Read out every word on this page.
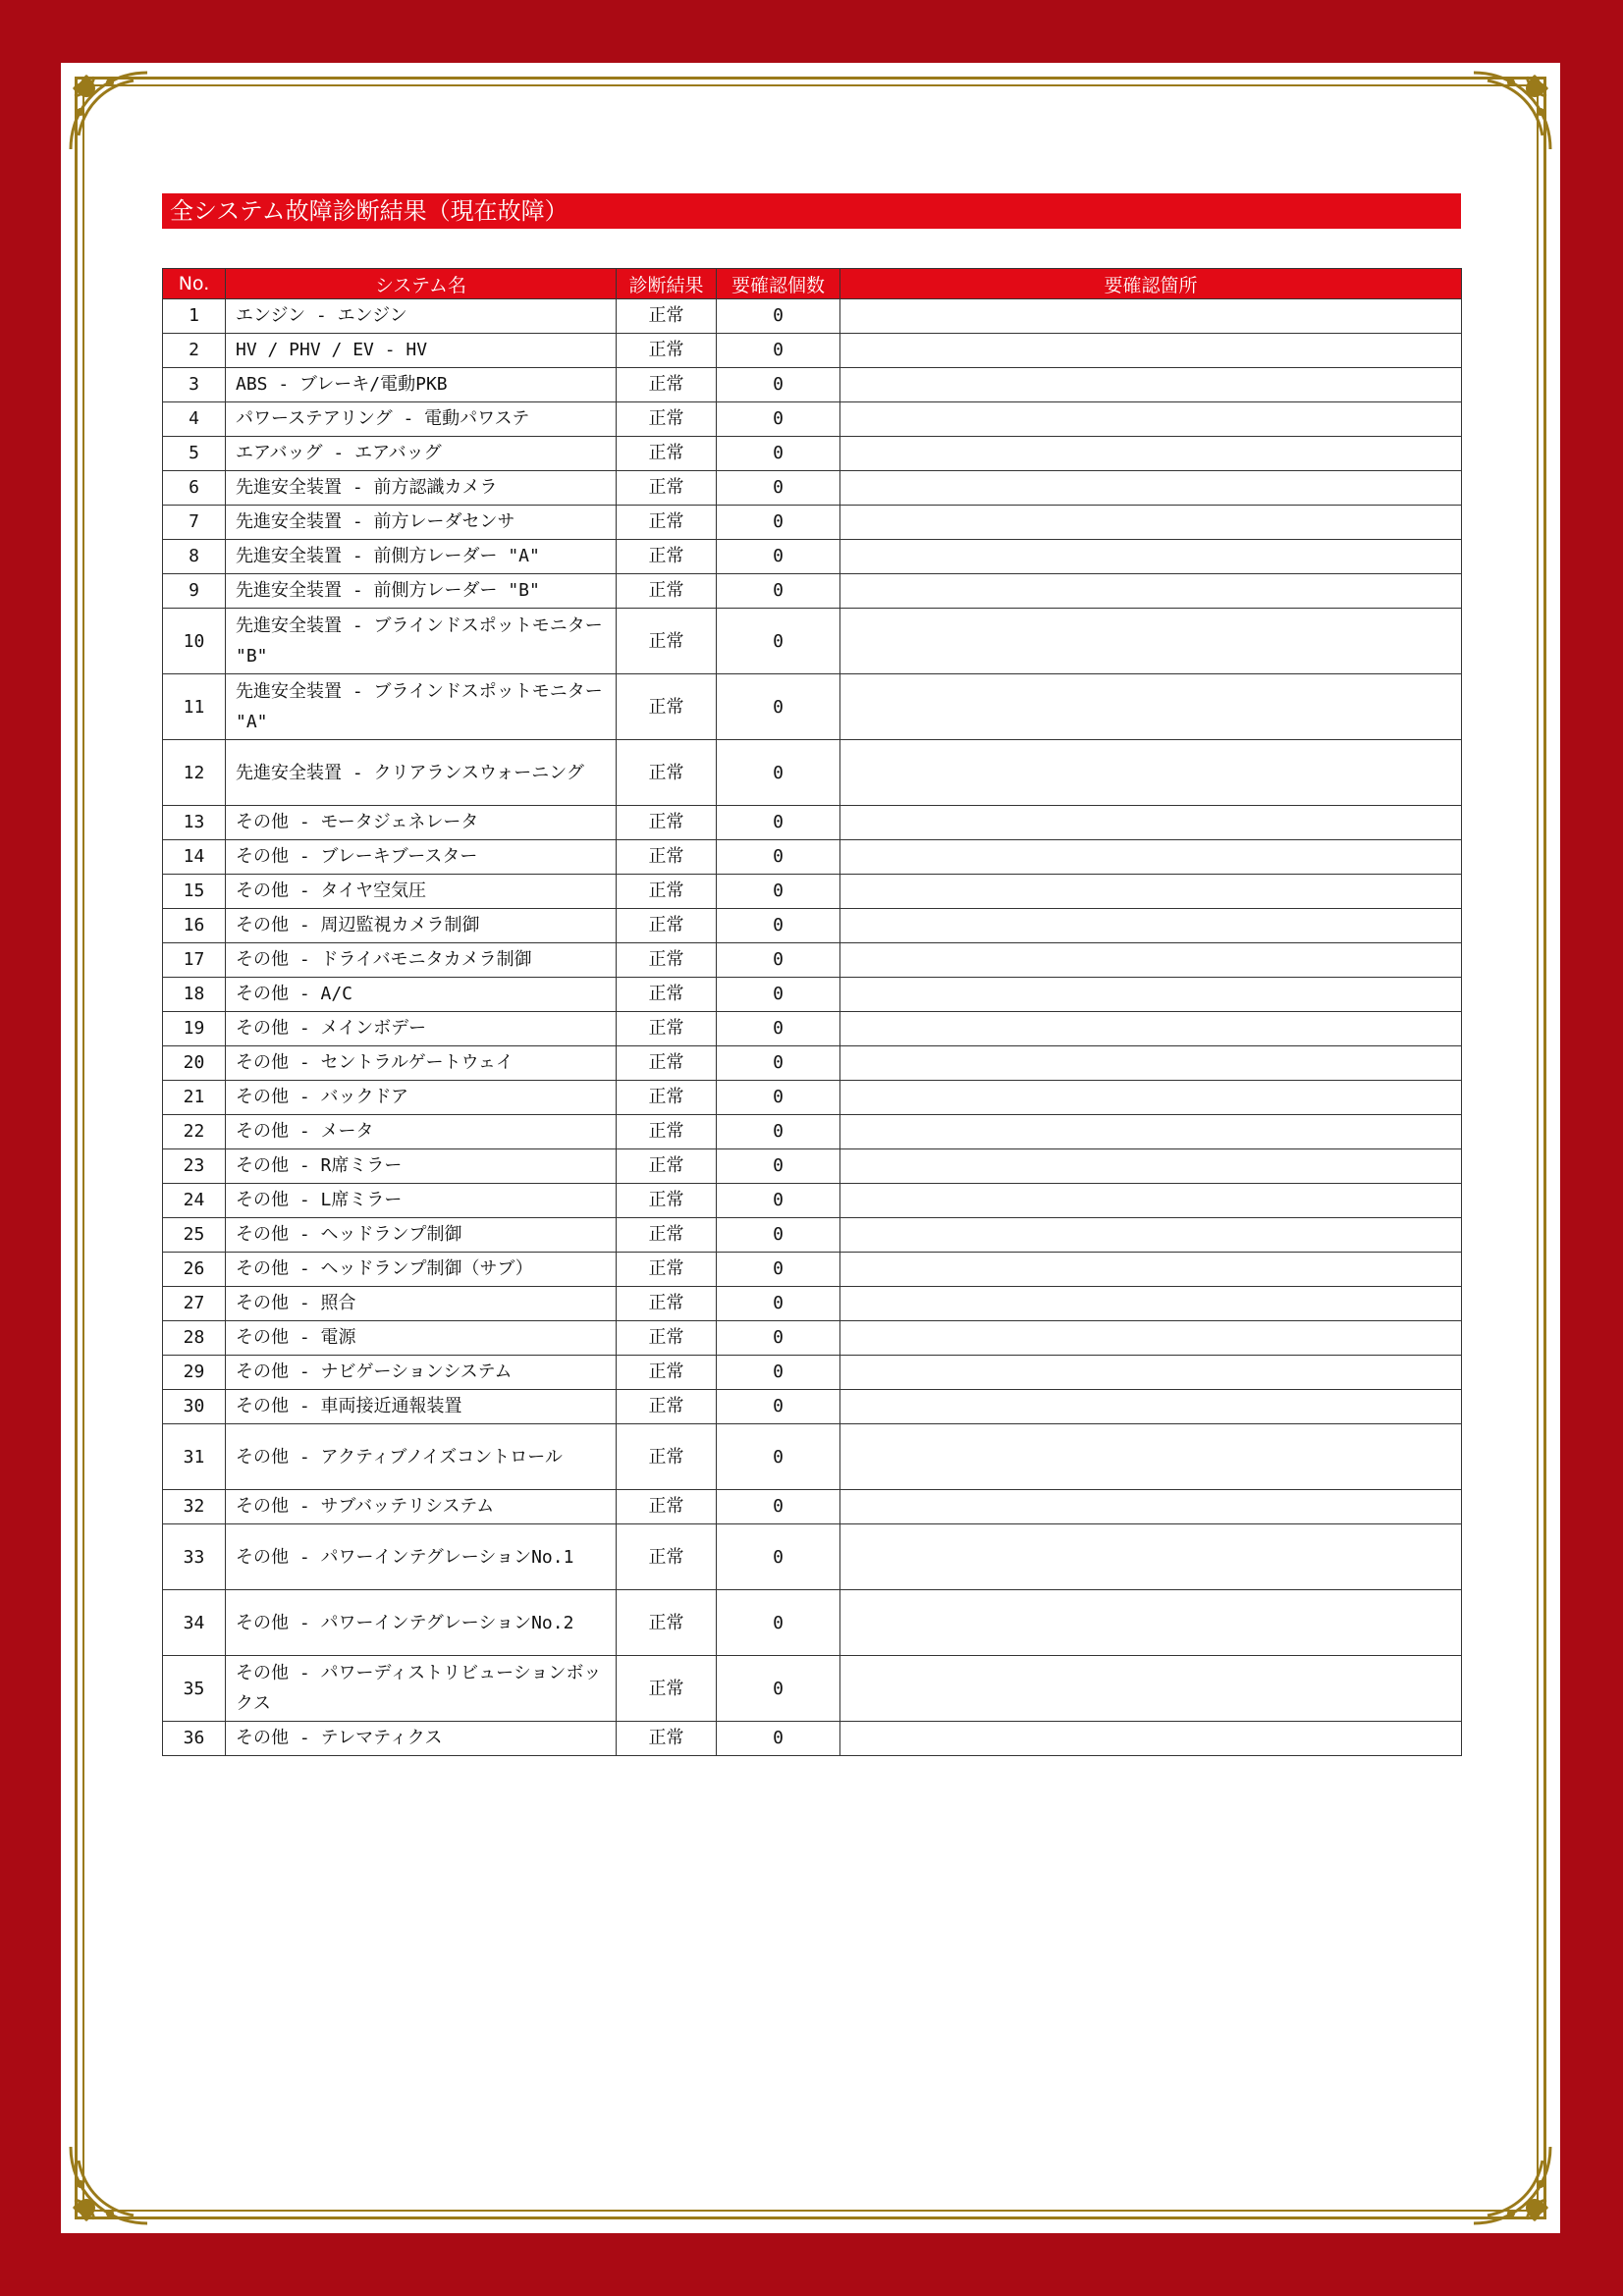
全システム故障診断結果（現在故障）
No.	システム名	診断結果	要確認個数	要確認箇所
1	エンジン - エンジン	正常	0	
2	HV / PHV / EV - HV	正常	0	
3	ABS - ブレーキ/電動PKB	正常	0	
4	パワーステアリング - 電動パワステ	正常	0	
5	エアバッグ - エアバッグ	正常	0	
6	先進安全装置 - 前方認識カメラ	正常	0	
7	先進安全装置 - 前方レーダセンサ	正常	0	
8	先進安全装置 - 前側方レーダー "A"	正常	0	
9	先進安全装置 - 前側方レーダー "B"	正常	0	
10	先進安全装置 - ブラインドスポットモニター "B"	正常	0	
11	先進安全装置 - ブラインドスポットモニター "A"	正常	0	
12	先進安全装置 - クリアランスウォーニング	正常	0	
13	その他 - モータジェネレータ	正常	0	
14	その他 - ブレーキブースター	正常	0	
15	その他 - タイヤ空気圧	正常	0	
16	その他 - 周辺監視カメラ制御	正常	0	
17	その他 - ドライバモニタカメラ制御	正常	0	
18	その他 - A/C	正常	0	
19	その他 - メインボデー	正常	0	
20	その他 - セントラルゲートウェイ	正常	0	
21	その他 - バックドア	正常	0	
22	その他 - メータ	正常	0	
23	その他 - R席ミラー	正常	0	
24	その他 - L席ミラー	正常	0	
25	その他 - ヘッドランプ制御	正常	0	
26	その他 - ヘッドランプ制御（サブ）	正常	0	
27	その他 - 照合	正常	0	
28	その他 - 電源	正常	0	
29	その他 - ナビゲーションシステム	正常	0	
30	その他 - 車両接近通報装置	正常	0	
31	その他 - アクティブノイズコントロール	正常	0	
32	その他 - サブバッテリシステム	正常	0	
33	その他 - パワーインテグレーションNo.1	正常	0	
34	その他 - パワーインテグレーションNo.2	正常	0	
35	その他 - パワーディストリビューションボックス	正常	0	
36	その他 - テレマティクス	正常	0	
